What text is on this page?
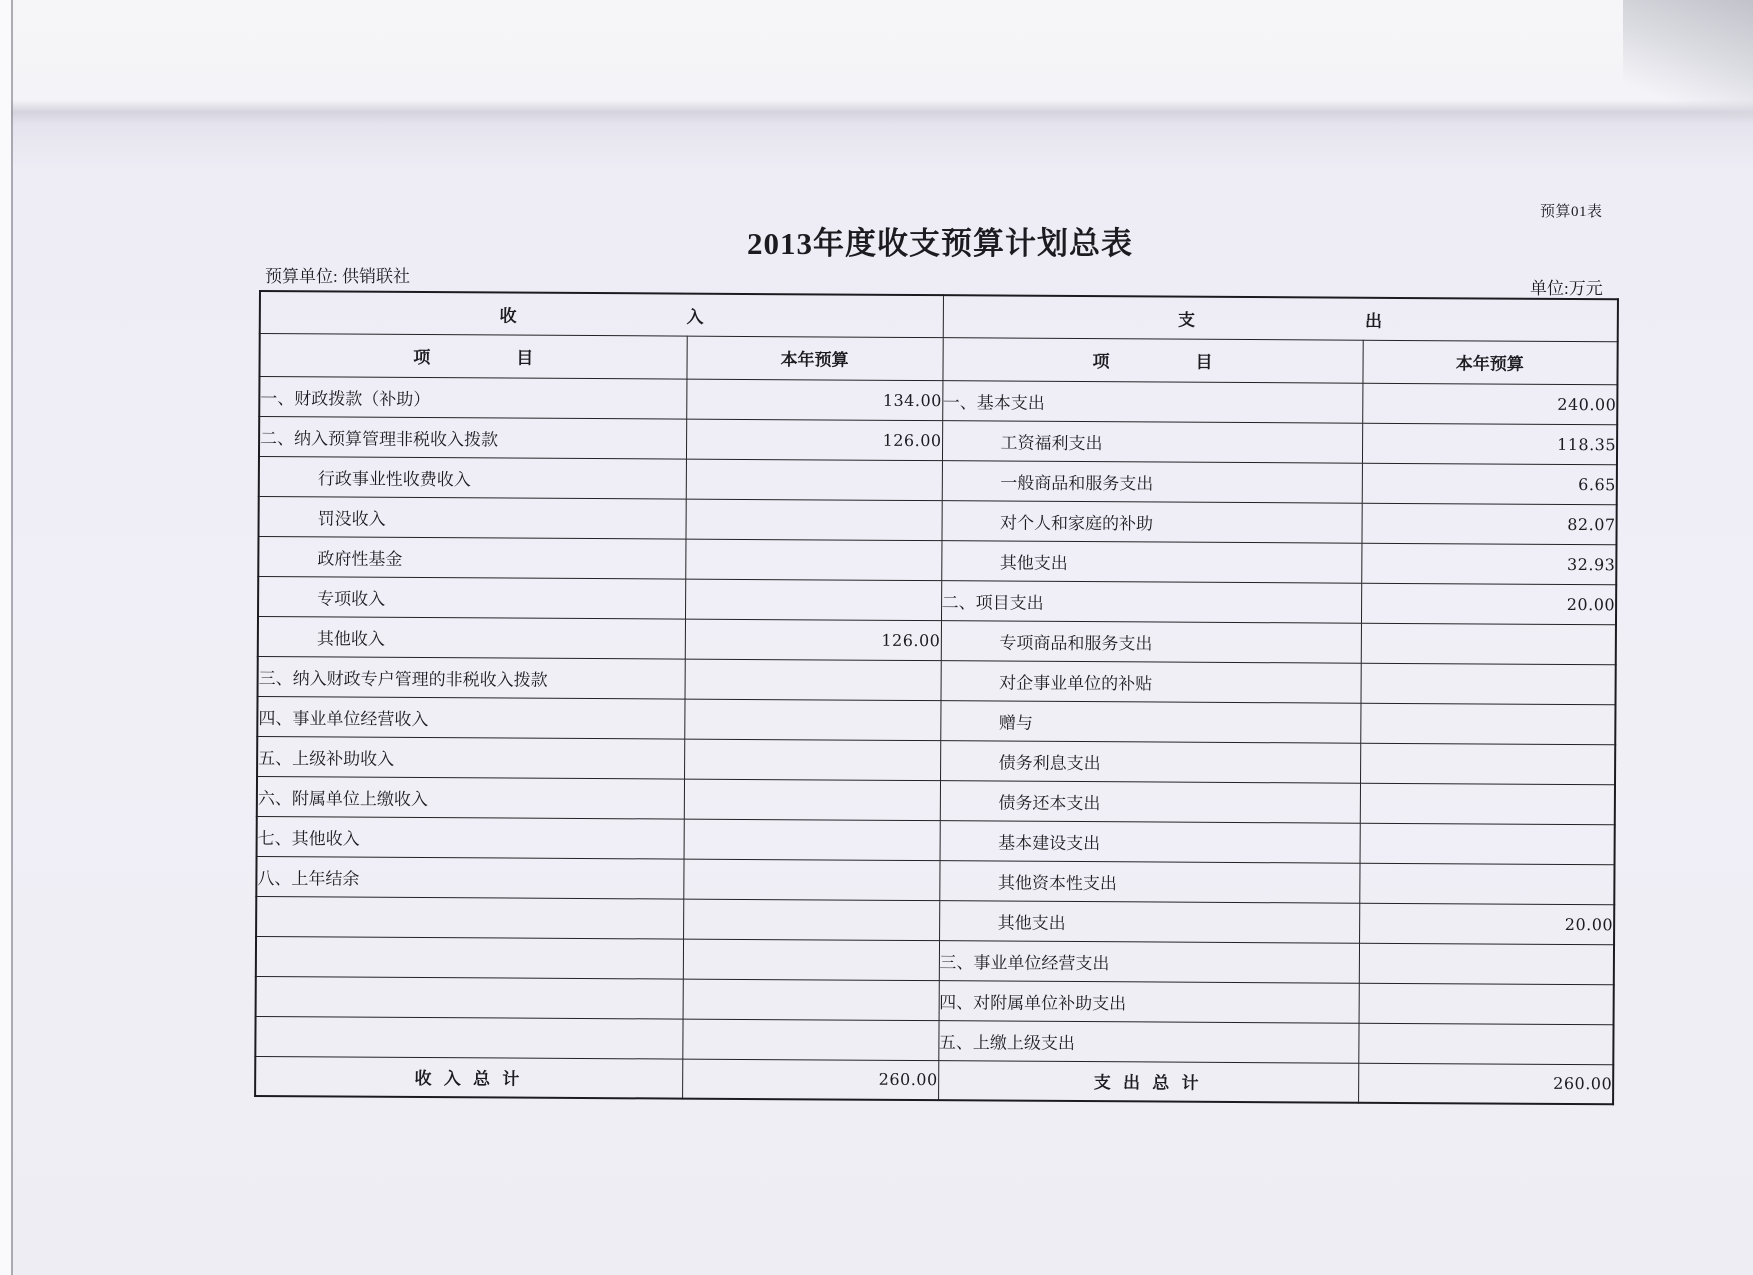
预算01表
2013年度收支预算计划总表
预算单位: 供销联社
单位:万元
收 入		支 出	

项 目	本年预算	项 目	本年预算
一、财政拨款（补助）	134.00	一、基本支出	240.00
二、纳入预算管理非税收入拨款	126.00	工资福利支出	118.35
行政事业性收费收入		一般商品和服务支出	6.65
罚没收入		对个人和家庭的补助	82.07
政府性基金		其他支出	32.93
专项收入		二、项目支出	20.00
其他收入	126.00	专项商品和服务支出	
三、纳入财政专户管理的非税收入拨款		对企事业单位的补贴	
四、事业单位经营收入		赠与	
五、上级补助收入		债务利息支出	
六、附属单位上缴收入		债务还本支出	
七、其他收入		基本建设支出	
八、上年结余		其他资本性支出	
		其他支出	20.00
		三、事业单位经营支出	
		四、对附属单位补助支出	
		五、上缴上级支出	
收 入 总 计	260.00	支 出 总 计	260.00
